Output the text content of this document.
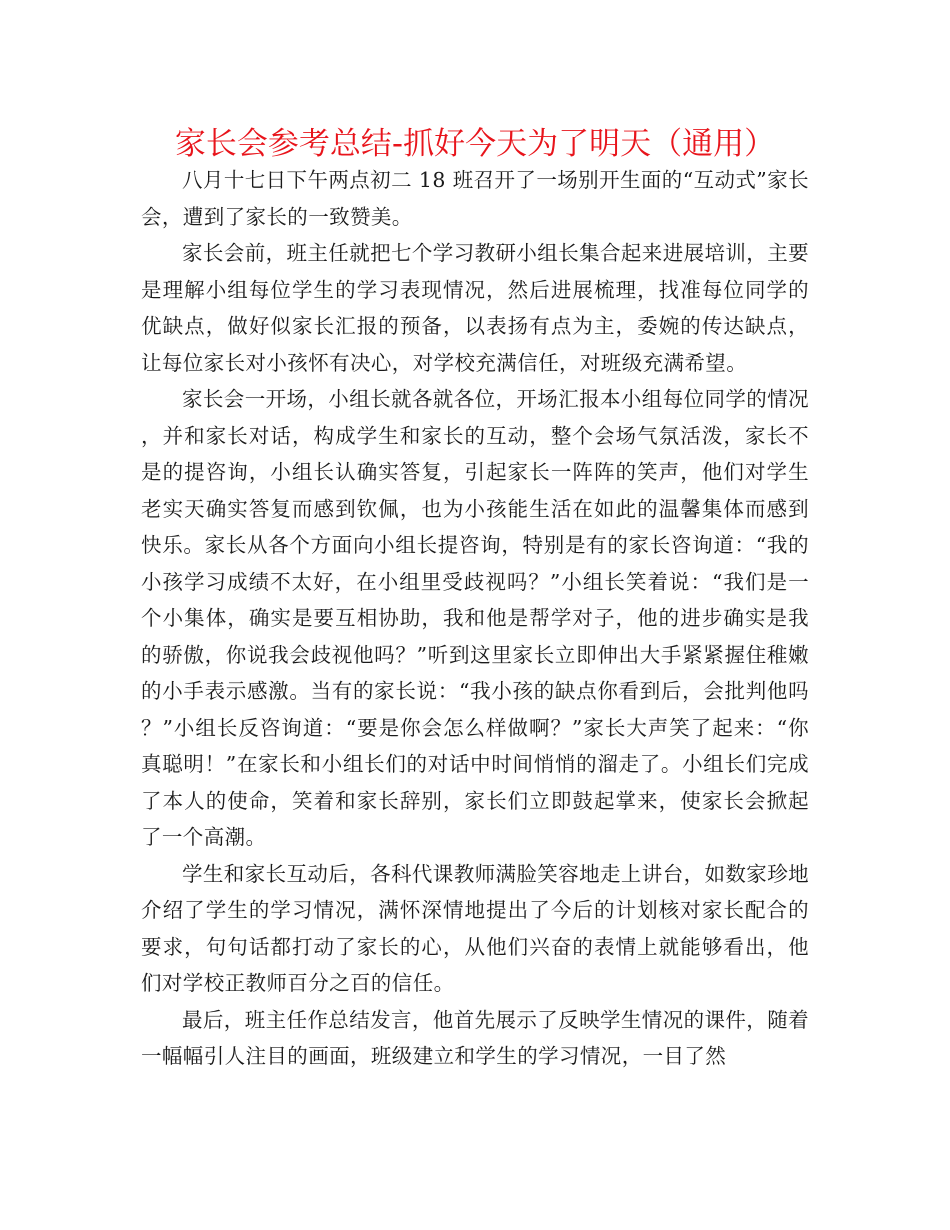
家长会参考总结-抓好今天为了明天（通用）

八月十七日下午两点初二 18 班召开了一场别开生面的“互动式”家长会，遭到了家长的一致赞美。

家长会前，班主任就把七个学习教研小组长集合起来进展培训，主要是理解小组每位学生的学习表现情况，然后进展梳理，找准每位同学的优缺点，做好似家长汇报的预备，以表扬有点为主，委婉的传达缺点，让每位家长对小孩怀有决心，对学校充满信任，对班级充满希望。

家长会一开场，小组长就各就各位，开场汇报本小组每位同学的情况，并和家长对话，构成学生和家长的互动，整个会场气氛活泼，家长不是的提咨询，小组长认确实答复，引起家长一阵阵的笑声，他们对学生老实天确实答复而感到钦佩，也为小孩能生活在如此的温馨集体而感到快乐。家长从各个方面向小组长提咨询，特别是有的家长咨询道：“我的小孩学习成绩不太好，在小组里受歧视吗？”小组长笑着说：“我们是一个小集体，确实是要互相协助，我和他是帮学对子，他的进步确实是我的骄傲，你说我会歧视他吗？”听到这里家长立即伸出大手紧紧握住稚嫩的小手表示感激。当有的家长说：“我小孩的缺点你看到后，会批判他吗？”小组长反咨询道：“要是你会怎么样做啊？”家长大声笑了起来：“你真聪明！”在家长和小组长们的对话中时间悄悄的溜走了。小组长们完成了本人的使命，笑着和家长辞别，家长们立即鼓起掌来，使家长会掀起了一个高潮。

学生和家长互动后，各科代课教师满脸笑容地走上讲台，如数家珍地介绍了学生的学习情况，满怀深情地提出了今后的计划核对家长配合的要求，句句话都打动了家长的心，从他们兴奋的表情上就能够看出，他们对学校正教师百分之百的信任。

最后，班主任作总结发言，他首先展示了反映学生情况的课件，随着一幅幅引人注目的画面，班级建立和学生的学习情况，一目了然
